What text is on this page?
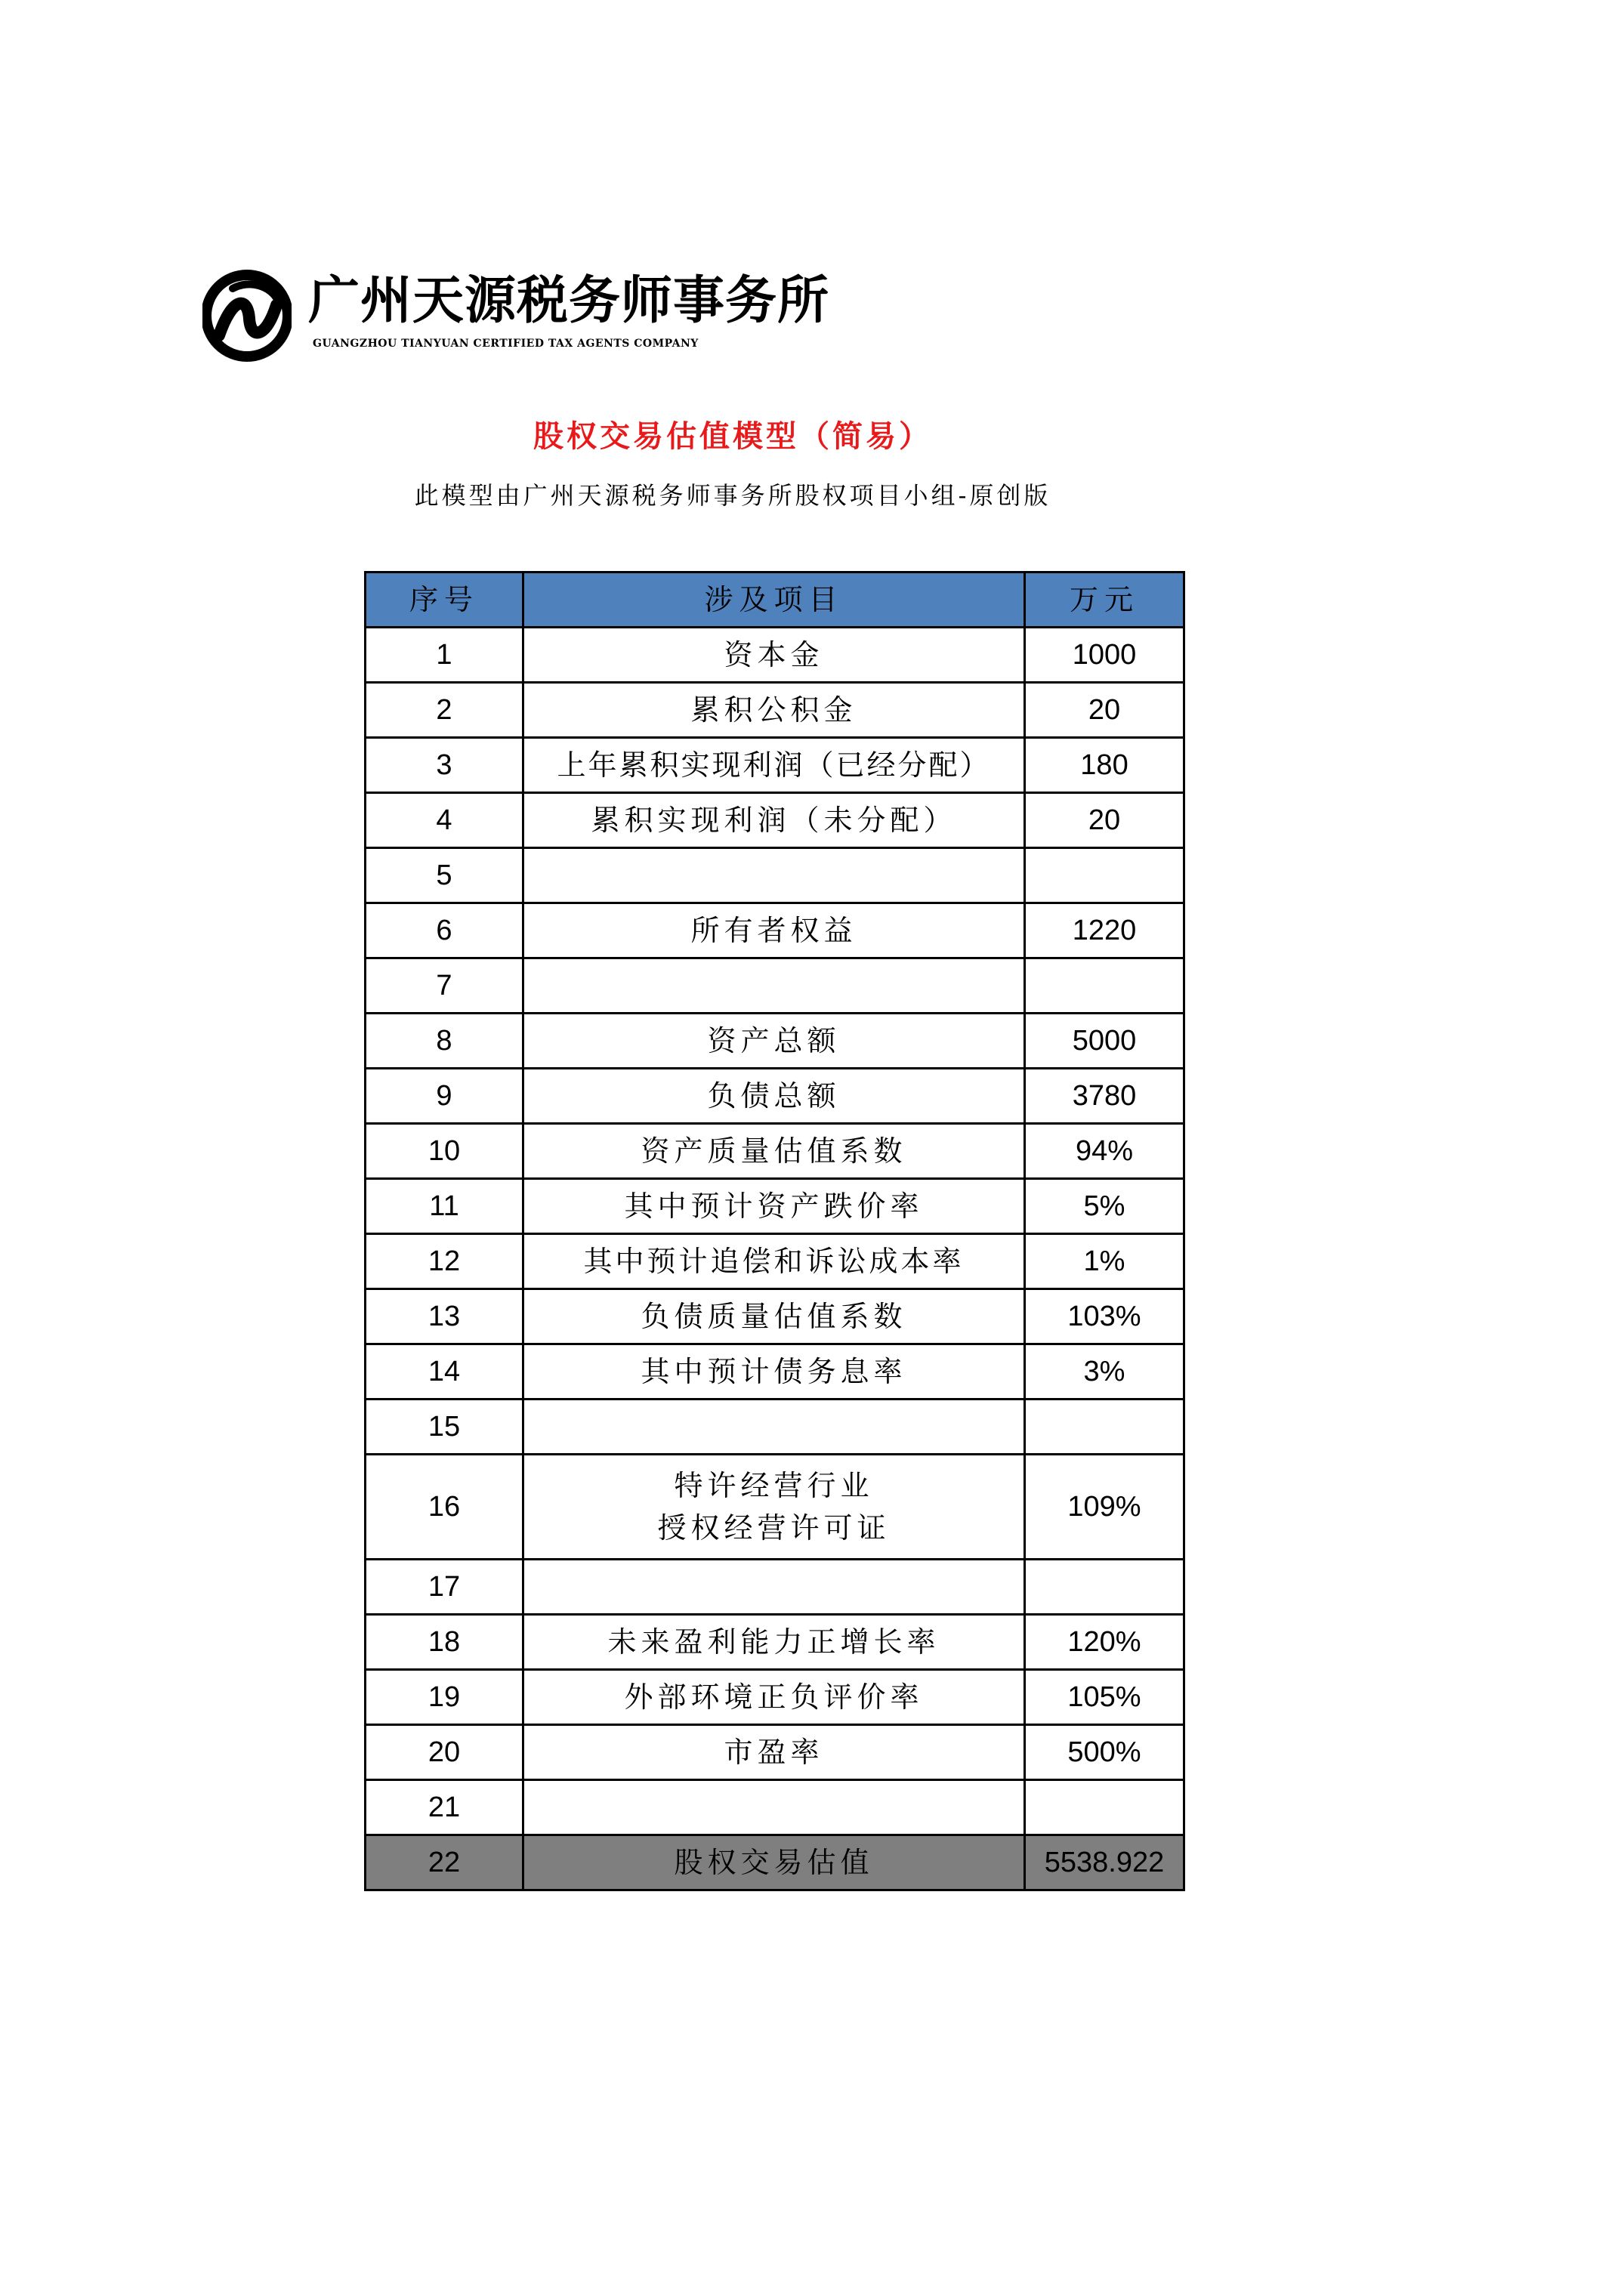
广州天源税务师事务所
GUANGZHOU TIANYUAN CERTIFIED TAX AGENTS COMPANY
股权交易估值模型（简易）
此模型由广州天源税务师事务所股权项目小组-原创版
序号	涉及项目	万元
1	资本金	1000
2	累积公积金	20
3	上年累积实现利润（已经分配）	180
4	累积实现利润（未分配）	20
5		
6	所有者权益	1220
7		
8	资产总额	5000
9	负债总额	3780
10	资产质量估值系数	94%
11	其中预计资产跌价率	5%
12	其中预计追偿和诉讼成本率	1%
13	负债质量估值系数	103%
14	其中预计债务息率	3%
15		
16	特许经营行业
授权经营许可证	109%
17		
18	未来盈利能力正增长率	120%
19	外部环境正负评价率	105%
20	市盈率	500%
21		
22	股权交易估值	5538.922
